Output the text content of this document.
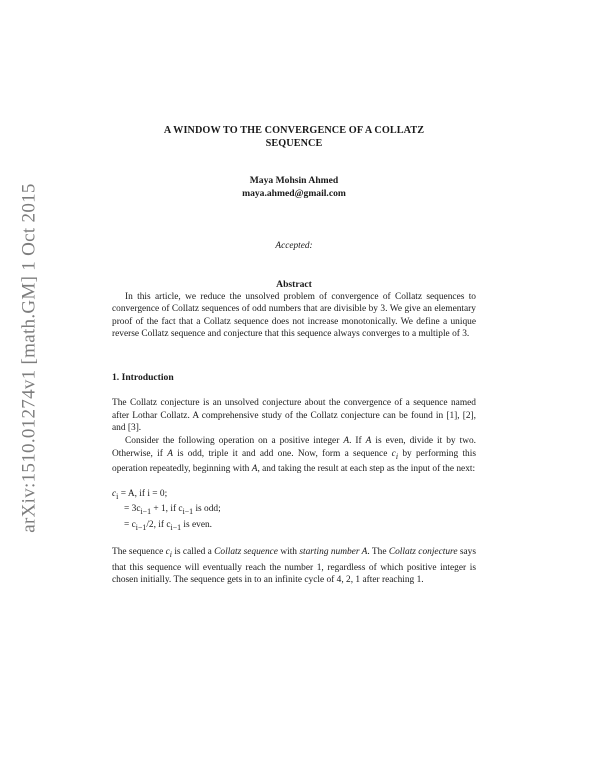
arXiv:1510.01274v1 [math.GM] 1 Oct 2015
A WINDOW TO THE CONVERGENCE OF A COLLATZ
SEQUENCE
Maya Mohsin Ahmed
maya.ahmed@gmail.com
Accepted:
Abstract

In this article, we reduce the unsolved problem of convergence of Collatz sequences to convergence of Collatz sequences of odd numbers that are divisible by 3. We give an elementary proof of the fact that a Collatz sequence does not increase monotonically. We define a unique reverse Collatz sequence and conjecture that this sequence always converges to a multiple of 3.

1. Introduction

The Collatz conjecture is an unsolved conjecture about the convergence of a sequence named after Lothar Collatz. A comprehensive study of the Collatz conjecture can be found in [1], [2], and [3].

Consider the following operation on a positive integer A. If A is even, divide it by two. Otherwise, if A is odd, triple it and add one. Now, form a sequence $c_i$ by performing this operation repeatedly, beginning with A, and taking the result at each step as the input of the next:

$c_i = A$, if i = 0;
= $3c_{i-1} + 1$, if $c_{i-1}$ is odd;
= $c_{i-1}/2$, if $c_{i-1}$ is even.

The sequence $c_i$ is called a Collatz sequence with starting number A. The Collatz conjecture says that this sequence will eventually reach the number 1, regardless of which positive integer is chosen initially. The sequence gets in to an infinite cycle of 4, 2, 1 after reaching 1.
